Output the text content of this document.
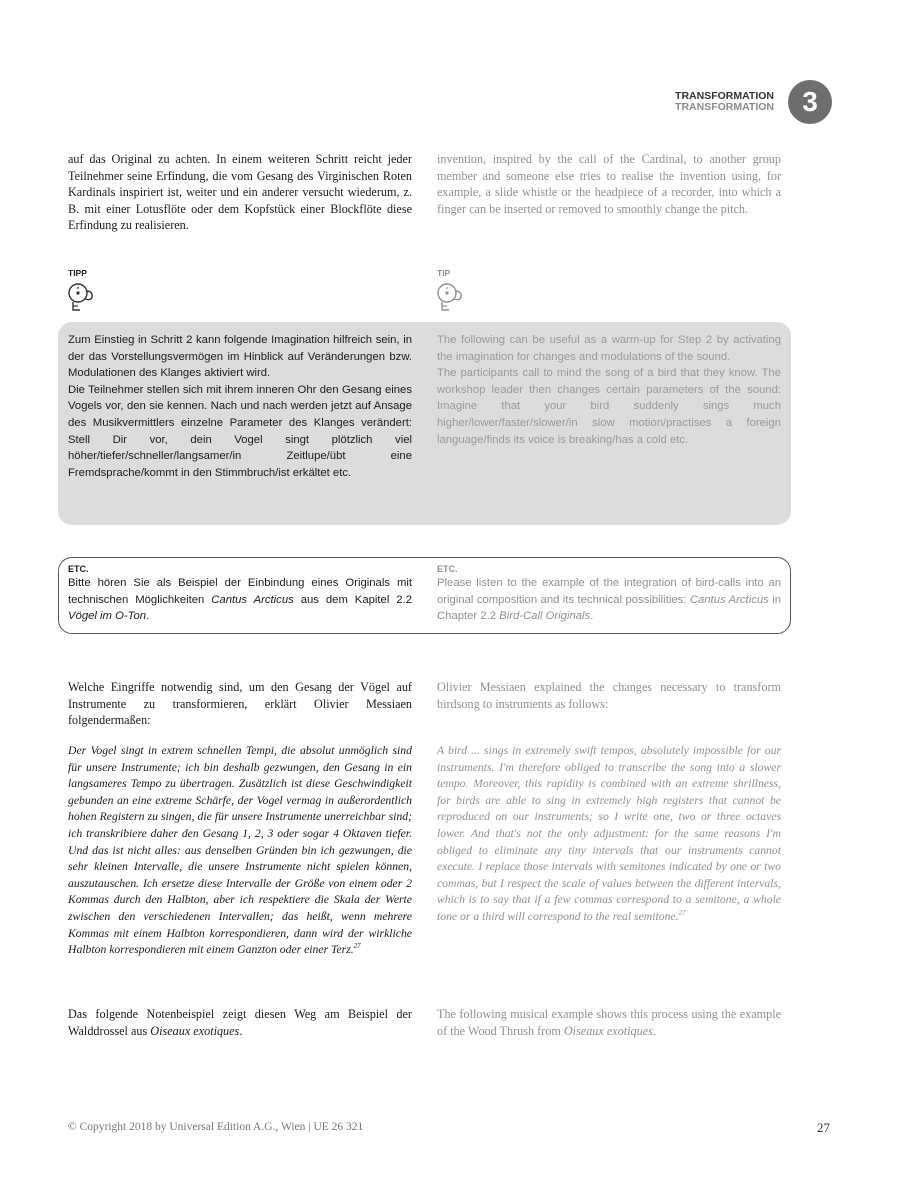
TRANSFORMATION
TRANSFORMATION	3

auf das Original zu achten. In einem weiteren Schritt reicht jeder Teilnehmer seine Erfindung, die vom Gesang des Virginischen Roten Kardinals inspiriert ist, weiter und ein anderer versucht wiederum, z. B. mit einer Lotusflöte oder dem Kopfstück einer Blockflöte diese Erfindung zu realisieren.

invention, inspired by the call of the Cardinal, to another group member and someone else tries to realise the invention using, for example, a slide whistle or the headpiece of a recorder, into which a finger can be inserted or removed to smoothly change the pitch.

TIPP	TIP

Zum Einstieg in Schritt 2 kann folgende Imagination hilfreich sein, in der das Vorstellungsvermögen im Hinblick auf Veränderungen bzw. Modulationen des Klanges aktiviert wird.
Die Teilnehmer stellen sich mit ihrem inneren Ohr den Gesang eines Vogels vor, den sie kennen. Nach und nach werden jetzt auf Ansage des Musikvermittlers einzelne Parameter des Klanges verändert: Stell Dir vor, dein Vogel singt plötzlich viel höher/tiefer/schneller/langsamer/in Zeitlupe/übt eine Fremdsprache/kommt in den Stimmbruch/ist erkältet etc.

The following can be useful as a warm-up for Step 2 by activating the imagination for changes and modulations of the sound.
The participants call to mind the song of a bird that they know. The workshop leader then changes certain parameters of the sound: Imagine that your bird suddenly sings much higher/lower/faster/slower/in slow motion/practises a foreign language/finds its voice is breaking/has a cold etc.

ETC.

Bitte hören Sie als Beispiel der Einbindung eines Originals mit technischen Möglichkeiten Cantus Arcticus aus dem Kapitel 2.2 Vögel im O-Ton.

ETC.

Please listen to the example of the integration of bird-calls into an original composition and its technical possibilities: Cantus Arcticus in Chapter 2.2 Bird-Call Originals.

Welche Eingriffe notwendig sind, um den Gesang der Vögel auf Instrumente zu transformieren, erklärt Olivier Messiaen folgendermaßen:

Olivier Messiaen explained the changes necessary to transform birdsong to instruments as follows:

Der Vogel singt in extrem schnellen Tempi, die absolut unmöglich sind für unsere Instrumente; ich bin deshalb gezwungen, den Gesang in ein langsameres Tempo zu übertragen. Zusätzlich ist diese Geschwindigkeit gebunden an eine extreme Schärfe, der Vogel vermag in außerordentlich hohen Registern zu singen, die für unsere Instrumente unerreichbar sind; ich transkribiere daher den Gesang 1, 2, 3 oder sogar 4 Oktaven tiefer. Und das ist nicht alles: aus denselben Gründen bin ich gezwungen, die sehr kleinen Intervalle, die unsere Instrumente nicht spielen können, auszutauschen. Ich ersetze diese Intervalle der Größe von einem oder 2 Kommas durch den Halbton, aber ich respektiere die Skala der Werte zwischen den verschiedenen Intervallen; das heißt, wenn mehrere Kommas mit einem Halbton korrespondieren, dann wird der wirkliche Halbton korrespondieren mit einem Ganzton oder einer Terz.$^{27}$

A bird ... sings in extremely swift tempos, absolutely impossible for our instruments. I'm therefore obliged to transcribe the song into a slower tempo. Moreover, this rapidity is combined with an extreme shrillness, for birds are able to sing in extremely high registers that cannot be reproduced on our instruments; so I write one, two or three octaves lower. And that's not the only adjustment: for the same reasons I'm obliged to eliminate any tiny intervals that our instruments cannot execute. I replace those intervals with semitones indicated by one or two commas, but I respect the scale of values between the different intervals, which is to say that if a few commas correspond to a semitone, a whole tone or a third will correspond to the real semitone.$^{27}$

Das folgende Notenbeispiel zeigt diesen Weg am Beispiel der Walddrossel aus Oiseaux exotiques.

The following musical example shows this process using the example of the Wood Thrush from Oiseaux exotiques.

© Copyright 2018 by Universal Edition A.G., Wien | UE 26 321	27
